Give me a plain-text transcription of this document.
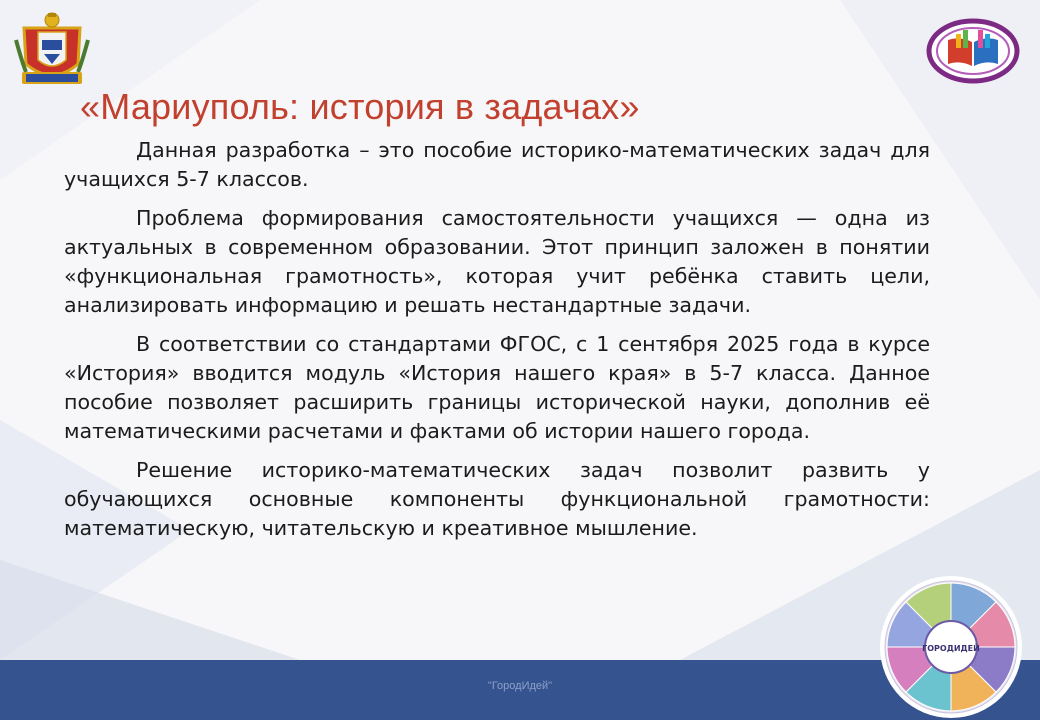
«Мариуполь: история в задачах»

Данная разработка – это пособие историко-математических задач для учащихся 5-7 классов.

Проблема формирования самостоятельности учащихся — одна из актуальных в современном образовании. Этот принцип заложен в понятии «функциональная грамотность», которая учит ребёнка ставить цели, анализировать информацию и решать нестандартные задачи.

В соответствии со стандартами ФГОС, с 1 сентября 2025 года в курсе «История» вводится модуль «История нашего края» в 5-7 класса. Данное пособие позволяет расширить границы исторической науки, дополнив её математическими расчетами и фактами об истории нашего города.

Решение историко-математических задач позволит развить у обучающихся основные компоненты функциональной грамотности: математическую, читательскую и креативное мышление.

"ГородИдей"
ГОРОДИДЕЙ
